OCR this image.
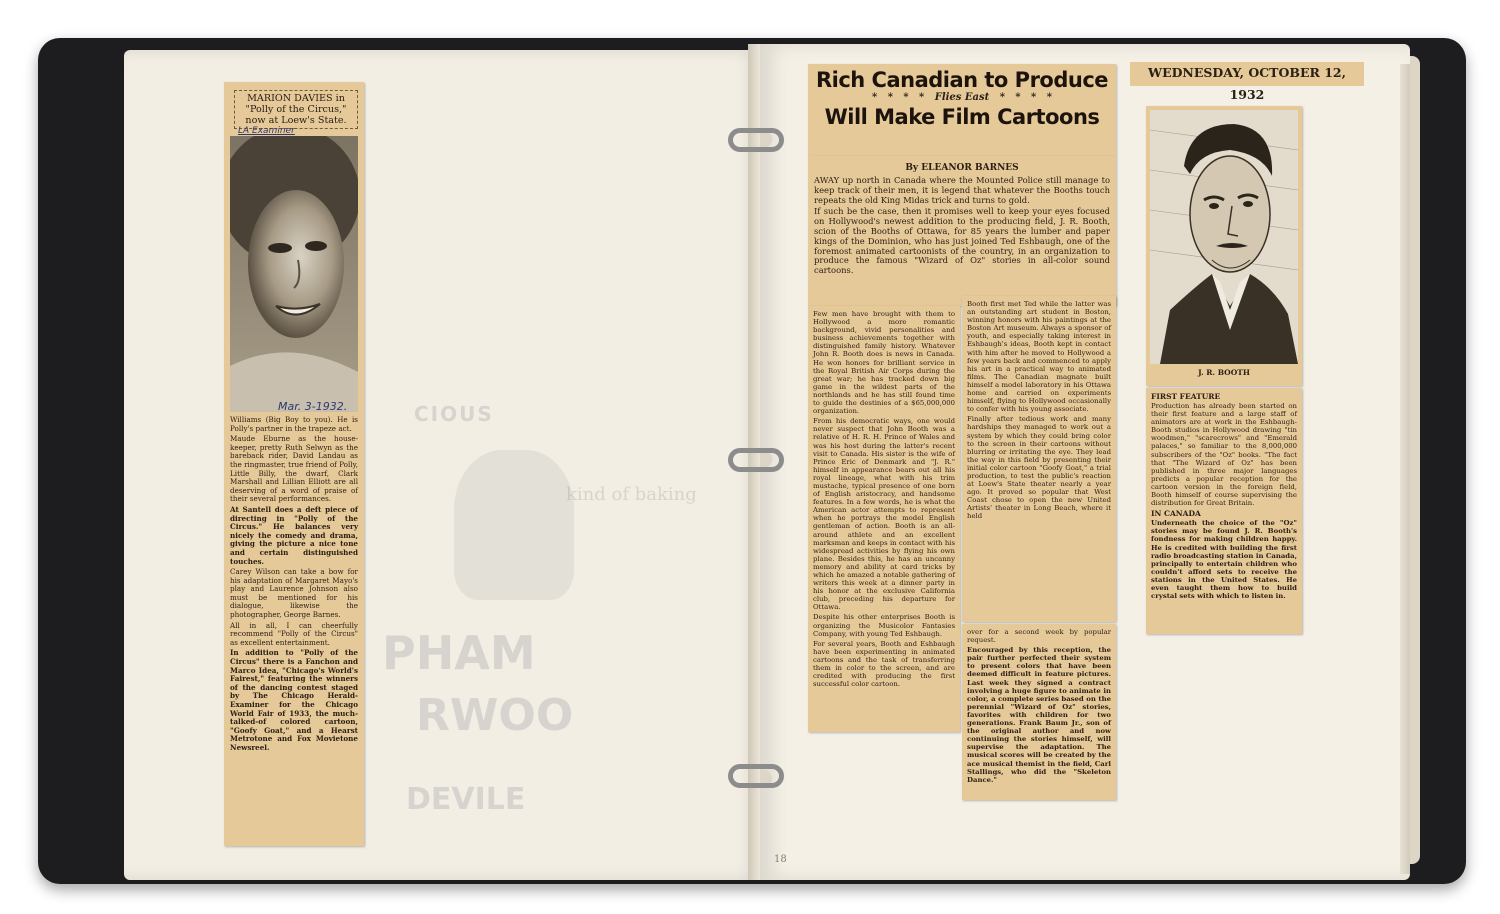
CIOUS
kind of baking
PHAM
RWOO
DEVILE
MARION DAVIES in "Polly of the Circus," now at Loew's State.
LA Examiner
Mar. 3-1932.

Williams (Big Boy to you). He is Polly's partner in the trapeze act.

Maude Eburne as the house-keeper, pretty Ruth Selwyn as the bareback rider, David Landau as the ringmaster, true friend of Polly, Little Billy, the dwarf, Clark Marshall and Lillian Elliott are all deserving of a word of praise of their several performances.

At Santell does a deft piece of directing in "Polly of the Circus." He balances very nicely the comedy and drama, giving the picture a nice tone and certain distinguished touches.

Carey Wilson can take a bow for his adaptation of Margaret Mayo's play and Laurence Johnson also must be mentioned for his dialogue, likewise the photographer, George Barnes.

All in all, I can cheerfully recommend "Polly of the Circus" as excellent entertainment.

In addition to "Polly of the Circus" there is a Fanchon and Marco Idea, "Chicago's World's Fairest," featuring the winners of the dancing contest staged by The Chicago Herald-Examiner for the Chicago World Fair of 1933, the much-talked-of colored cartoon, "Goofy Goat," and a Hearst Metrotone and Fox Movietone Newsreel.

Rich Canadian to Produce
*   *   *   *   Flies East   *   *   *   *
Will Make Film Cartoons
By ELEANOR BARNES

AWAY up north in Canada where the Mounted Police still manage to keep track of their men, it is legend that whatever the Booths touch repeats the old King Midas trick and turns to gold.

If such be the case, then it promises well to keep your eyes focused on Hollywood's newest addition to the producing field, J. R. Booth, scion of the Booths of Ottawa, for 85 years the lumber and paper kings of the Dominion, who has just joined Ted Eshbaugh, one of the foremost animated cartoonists of the country, in an organization to produce the famous "Wizard of Oz" stories in all-color sound cartoons.

Few men have brought with them to Hollywood a more romantic background, vivid personalities and business achievements together with distinguished family history. Whatever John R. Booth does is news in Canada. He won honors for brilliant service in the Royal British Air Corps during the great war; he has tracked down big game in the wildest parts of the northlands and he has still found time to guide the destinies of a $65,000,000 organization.

From his democratic ways, one would never suspect that John Booth was a relative of H. R. H. Prince of Wales and was his host during the latter's recent visit to Canada. His sister is the wife of Prince Eric of Denmark and "J. R." himself in appearance bears out all his royal lineage, what with his trim mustache, typical presence of one born of English aristocracy, and handsome features. In a few words, he is what the American actor attempts to represent when he portrays the model English gentleman of action. Booth is an all-around athlete and an excellent marksman and keeps in contact with his widespread activities by flying his own plane. Besides this, he has an uncanny memory and ability at card tricks by which he amazed a notable gathering of writers this week at a dinner party in his honor at the exclusive California club, preceding his departure for Ottawa.

Despite his other enterprises Booth is organizing the Musicolor Fantasies Company, with young Ted Eshbaugh.

For several years, Booth and Eshbaugh have been experimenting in animated cartoons and the task of transferring them in color to the screen, and are credited with producing the first successful color cartoon.

Booth first met Ted while the latter was an outstanding art student in Boston, winning honors with his paintings at the Boston Art museum. Always a sponsor of youth, and especially taking interest in Eshbaugh's ideas, Booth kept in contact with him after he moved to Hollywood a few years back and commenced to apply his art in a practical way to animated films. The Canadian magnate built himself a model laboratory in his Ottawa home and carried on experiments himself, flying to Hollywood occasionally to confer with his young associate.

Finally after tedious work and many hardships they managed to work out a system by which they could bring color to the screen in their cartoons without blurring or irritating the eye. They lead the way in this field by presenting their initial color cartoon "Goofy Goat," a trial production, to test the public's reaction at Loew's State theater nearly a year ago. It proved so popular that West Coast chose to open the new United Artists' theater in Long Beach, where it held

over for a second week by popular request.

Encouraged by this reception, the pair further perfected their system to present colors that have been deemed difficult in feature pictures. Last week they signed a contract involving a huge figure to animate in color, a complete series based on the perennial "Wizard of Oz" stories, favorites with children for two generations. Frank Baum Jr., son of the original author and now continuing the stories himself, will supervise the adaptation. The musical scores will be created by the ace musical themist in the field, Carl Stallings, who did the "Skeleton Dance."

WEDNESDAY, OCTOBER 12, 1932
J. R. BOOTH
FIRST FEATURE

Production has already been started on their first feature and a large staff of animators are at work in the Eshbaugh-Booth studios in Hollywood drawing "tin woodmen," "scarecrows" and "Emerald palaces," so familiar to the 8,000,000 subscribers of the "Oz" books. "The fact that "The Wizard of Oz" has been published in three major languages predicts a popular reception for the cartoon version in the foreign field, Booth himself of course supervising the distribution for Great Britain.

IN CANADA

Underneath the choice of the "Oz" stories may be found J. R. Booth's fondness for making children happy. He is credited with building the first radio broadcasting station in Canada, principally to entertain children who couldn't afford sets to receive the stations in the United States. He even taught them how to build crystal sets with which to listen in.

18
